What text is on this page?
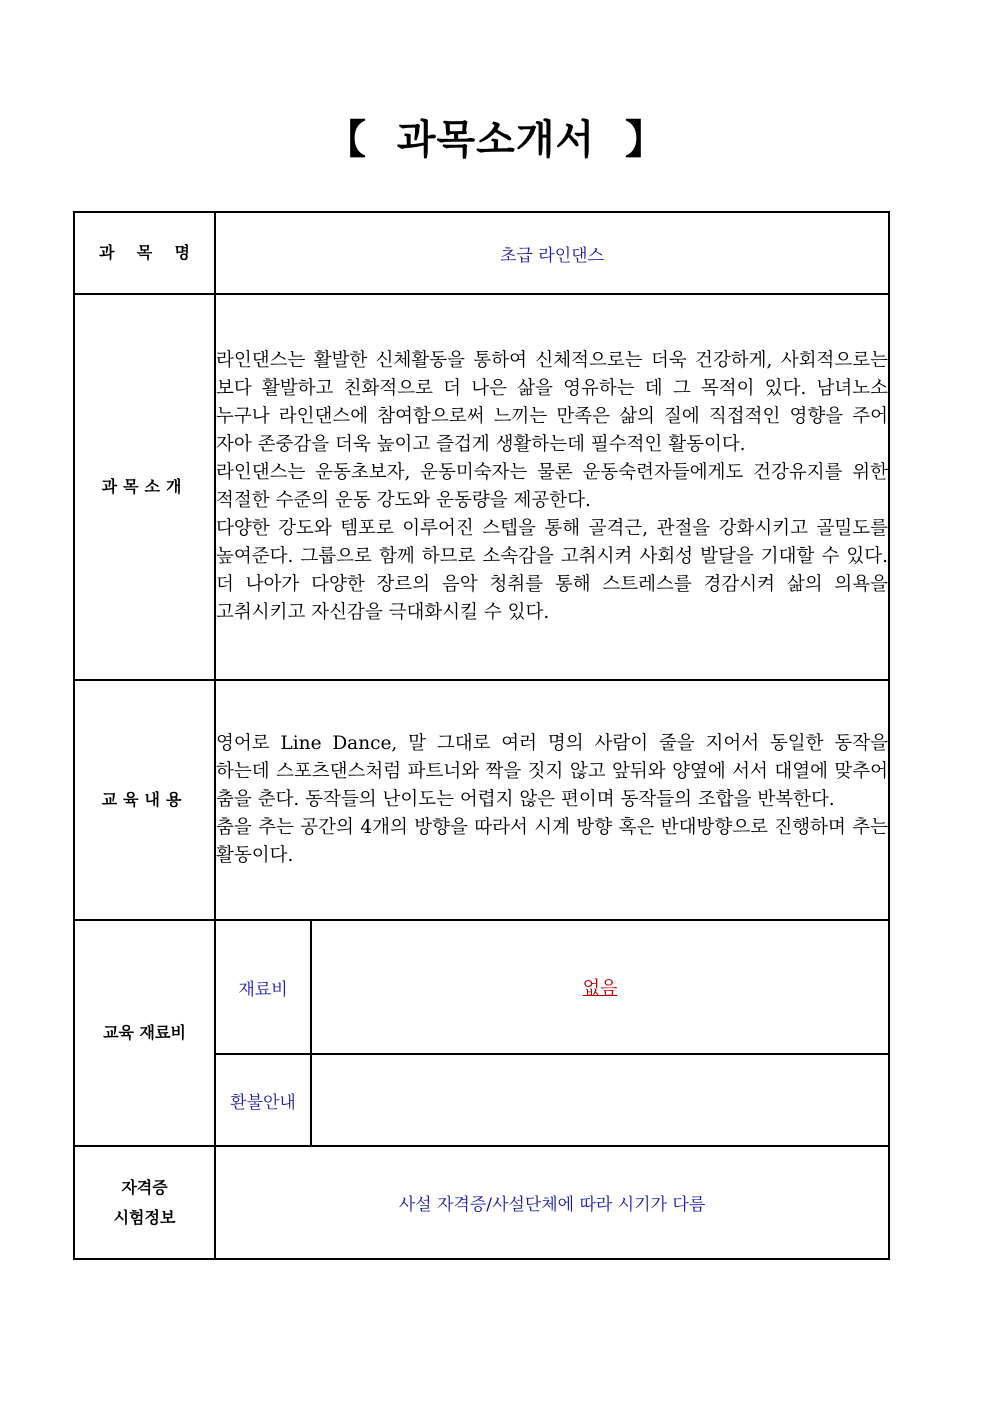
【  과목소개서  】
과    목    명	초급 라인댄스	
과목소개	라인댄스는 활발한 신체활동을 통하여 신체적으로는 더욱 건강하게, 사회적으로는 보다 활발하고 친화적으로 더 나은 삶을 영유하는 데 그 목적이 있다. 남녀노소 누구나 라인댄스에 참여함으로써 느끼는 만족은 삶의 질에 직접적인 영향을 주어 자아 존중감을 더욱 높이고 즐겁게 생활하는데 필수적인 활동이다.

라인댄스는 운동초보자, 운동미숙자는 물론 운동숙련자들에게도 건강유지를 위한 적절한 수준의 운동 강도와 운동량을 제공한다.

다양한 강도와 템포로 이루어진 스텝을 통해 골격근, 관절을 강화시키고 골밀도를 높여준다. 그룹으로 함께 하므로 소속감을 고취시켜 사회성 발달을 기대할 수 있다. 더 나아가 다양한 장르의 음악 청취를 통해 스트레스를 경감시켜 삶의 의욕을 고취시키고 자신감을 극대화시킬 수 있다.	

교육내용	영어로 Line Dance, 말 그대로 여러 명의 사람이 줄을 지어서 동일한 동작을 하는데 스포츠댄스처럼 파트너와 짝을 짓지 않고 앞뒤와 양옆에 서서 대열에 맞추어 춤을 춘다. 동작들의 난이도는 어렵지 않은 편이며 동작들의 조합을 반복한다.

춤을 추는 공간의 4개의 방향을 따라서 시계 방향 혹은 반대방향으로 진행하며 추는 활동이다.	

교육 재료비	재료비	없음
	환불안내	

자격증
시험정보	사설 자격증/사설단체에 따라 시기가 다름	
